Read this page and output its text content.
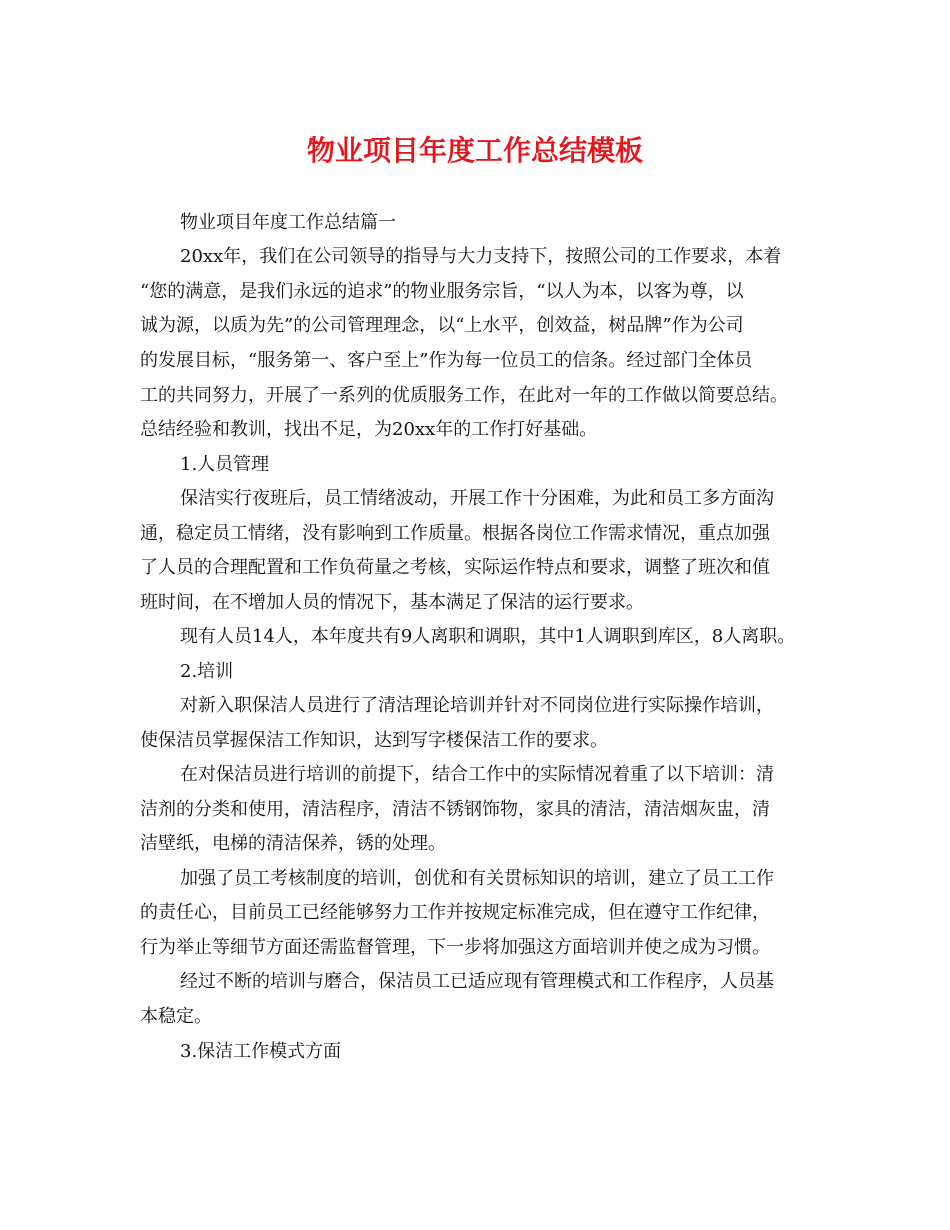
物业项目年度工作总结模板
物业项目年度工作总结篇一
20xx年，我们在公司领导的指导与大力支持下，按照公司的工作要求，本着
“您的满意，是我们永远的追求”的物业服务宗旨，“以人为本，以客为尊，以
诚为源，以质为先”的公司管理理念，以“上水平，创效益，树品牌”作为公司
的发展目标，“服务第一、客户至上”作为每一位员工的信条。经过部门全体员
工的共同努力，开展了一系列的优质服务工作，在此对一年的工作做以简要总结。
总结经验和教训，找出不足，为20xx年的工作打好基础。
1.人员管理
保洁实行夜班后，员工情绪波动，开展工作十分困难，为此和员工多方面沟
通，稳定员工情绪，没有影响到工作质量。根据各岗位工作需求情况，重点加强
了人员的合理配置和工作负荷量之考核，实际运作特点和要求，调整了班次和值
班时间，在不增加人员的情况下，基本满足了保洁的运行要求。
现有人员14人，本年度共有9人离职和调职，其中1人调职到库区，8人离职。
2.培训
对新入职保洁人员进行了清洁理论培训并针对不同岗位进行实际操作培训，
使保洁员掌握保洁工作知识，达到写字楼保洁工作的要求。
在对保洁员进行培训的前提下，结合工作中的实际情况着重了以下培训：清
洁剂的分类和使用，清洁程序，清洁不锈钢饰物，家具的清洁，清洁烟灰盅，清
洁壁纸，电梯的清洁保养，锈的处理。
加强了员工考核制度的培训，创优和有关贯标知识的培训，建立了员工工作
的责任心，目前员工已经能够努力工作并按规定标准完成，但在遵守工作纪律，
行为举止等细节方面还需监督管理，下一步将加强这方面培训并使之成为习惯。
经过不断的培训与磨合，保洁员工已适应现有管理模式和工作程序，人员基
本稳定。
3.保洁工作模式方面
